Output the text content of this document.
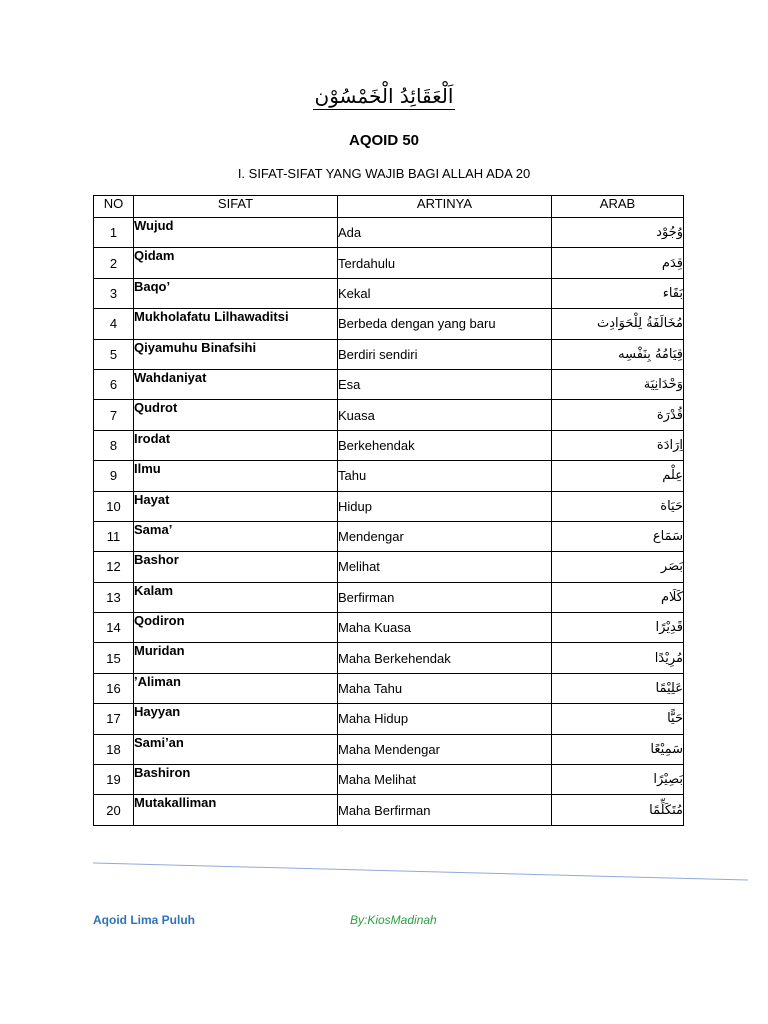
اَلْعَقَائِدُ الْخَمْسُوْن
AQOID 50
I. SIFAT-SIFAT YANG WAJIB BAGI ALLAH ADA 20
NO	SIFAT	ARTINYA	ARAB
1	Wujud	Ada	وُجُوْد
2	Qidam	Terdahulu	قِدَم
3	Baqo’	Kekal	بَقَاء
4	Mukholafatu Lilhawaditsi	Berbeda dengan yang baru	مُخَالَفَةُ لِلْحَوَادِث
5	Qiyamuhu Binafsihi	Berdiri sendiri	قِيَامُهُ بِنَفْسِه
6	Wahdaniyat	Esa	وَحْدَانِيَة
7	Qudrot	Kuasa	قُدْرَة
8	Irodat	Berkehendak	اِرَادَة
9	Ilmu	Tahu	عِلْم
10	Hayat	Hidup	حَيَاة
11	Sama’	Mendengar	سَمَاع
12	Bashor	Melihat	بَصَر
13	Kalam	Berfirman	كَلَام
14	Qodiron	Maha Kuasa	قَدِيْرًا
15	Muridan	Maha Berkehendak	مُرِيْدًا
16	’Aliman	Maha Tahu	عَلِيْمًا
17	Hayyan	Maha Hidup	حَيًّا
18	Sami’an	Maha Mendengar	سَمِيْعًا
19	Bashiron	Maha Melihat	بَصِيْرًا
20	Mutakalliman	Maha Berfirman	مُتَكَلِّمًا
Aqoid Lima Puluh	By:KiosMadinah
